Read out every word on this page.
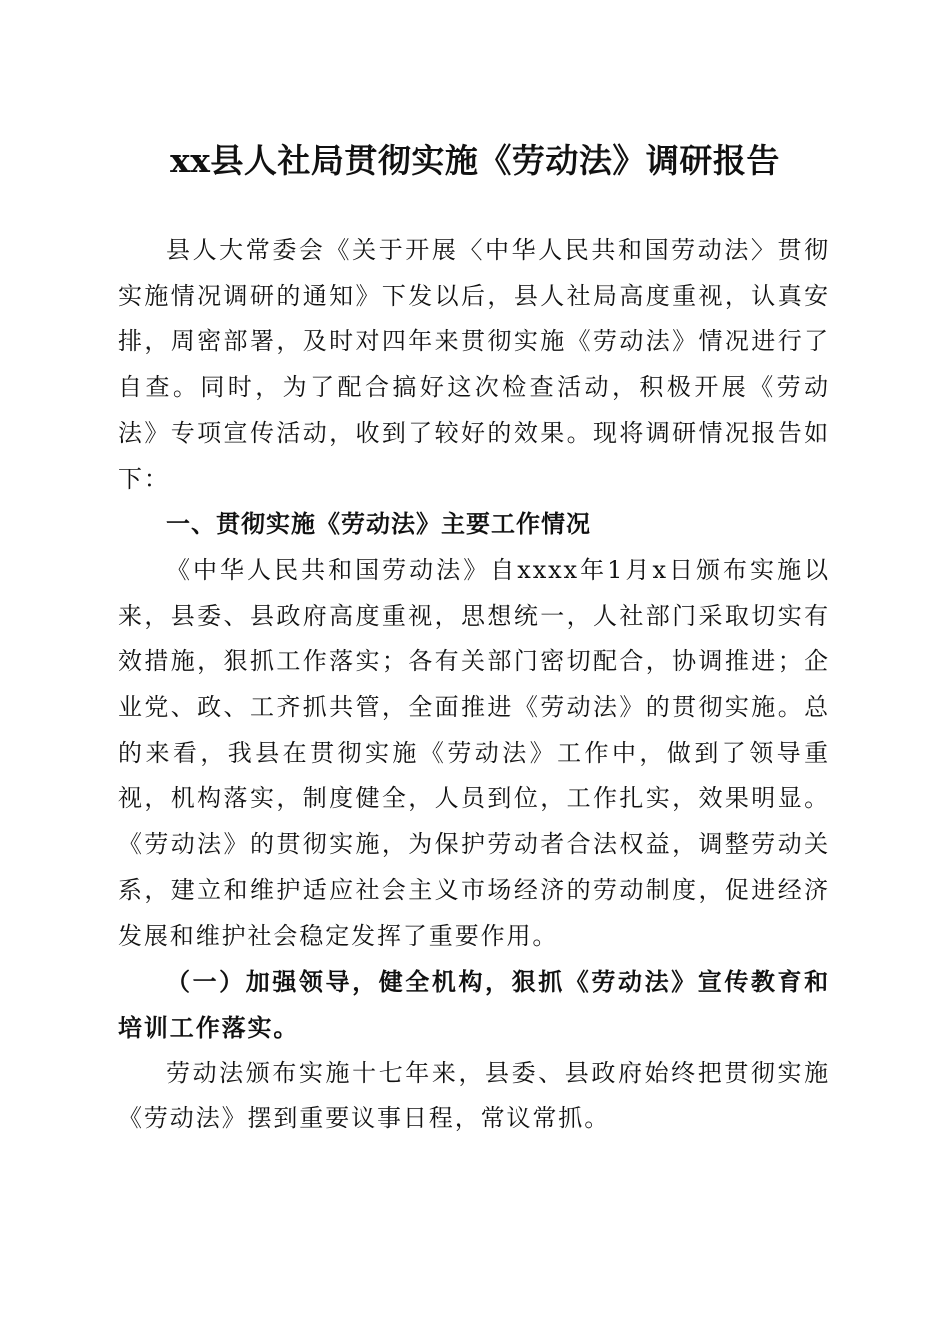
xx县人社局贯彻实施《劳动法》调研报告

县人大常委会《关于开展〈中华人民共和国劳动法〉贯彻实施情况调研的通知》下发以后，县人社局高度重视，认真安排，周密部署，及时对四年来贯彻实施《劳动法》情况进行了自查。同时，为了配合搞好这次检查活动，积极开展《劳动法》专项宣传活动，收到了较好的效果。现将调研情况报告如下：

一、贯彻实施《劳动法》主要工作情况

《中华人民共和国劳动法》自xxxx年1月x日颁布实施以来，县委、县政府高度重视，思想统一，人社部门采取切实有效措施，狠抓工作落实；各有关部门密切配合，协调推进；企业党、政、工齐抓共管，全面推进《劳动法》的贯彻实施。总的来看，我县在贯彻实施《劳动法》工作中，做到了领导重视，机构落实，制度健全，人员到位，工作扎实，效果明显。《劳动法》的贯彻实施，为保护劳动者合法权益，调整劳动关系，建立和维护适应社会主义市场经济的劳动制度，促进经济发展和维护社会稳定发挥了重要作用。

（一）加强领导，健全机构，狠抓《劳动法》宣传教育和培训工作落实。

劳动法颁布实施十七年来，县委、县政府始终把贯彻实施《劳动法》摆到重要议事日程，常议常抓。
